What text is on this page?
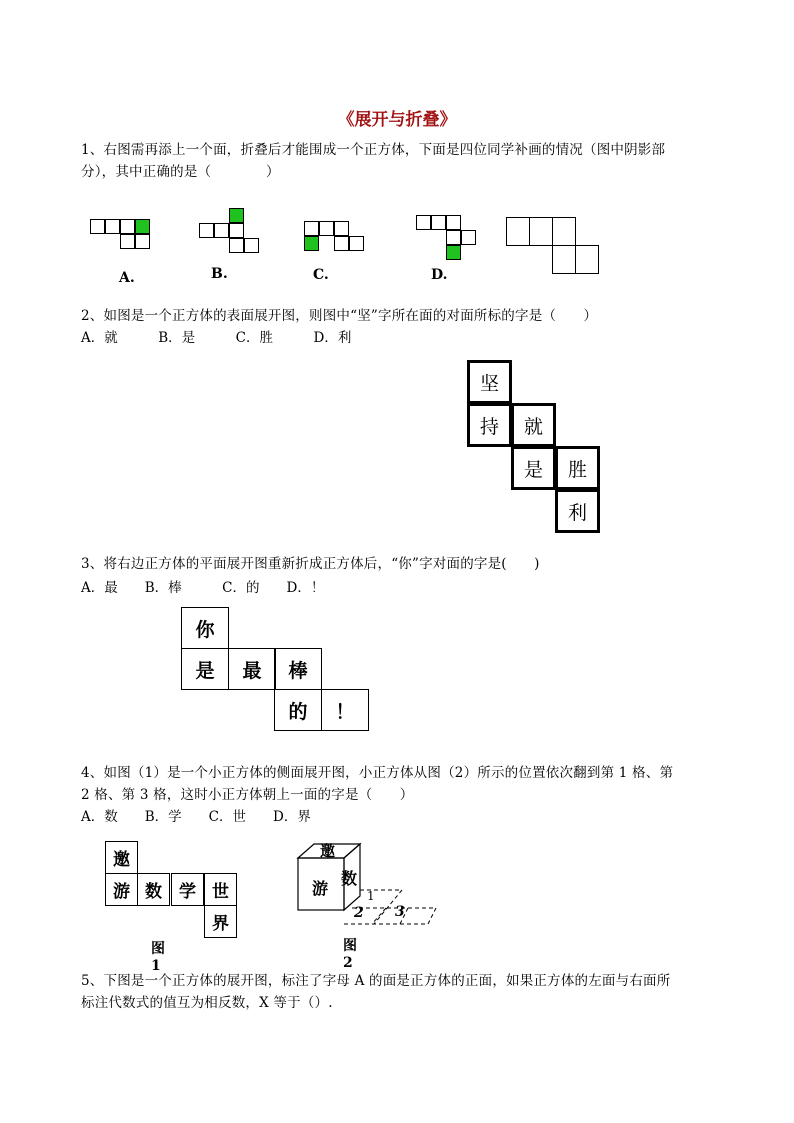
《展开与折叠》
1、右图需再添上一个面，折叠后才能围成一个正方体，下面是四位同学补画的情况（图中阴影部
分），其中正确的是（　　　　）
A.	B.	C.	D.
2、如图是一个正方体的表面展开图，则图中“坚”字所在面的对面所标的字是（　　）
A．就　　　B．是　　　C．胜　　　D．利
坚
持	就
是	胜
利
3、将右边正方体的平面展开图重新折成正方体后，“你”字对面的字是(　　)
A．最　　B．棒　　　C．的　　D．！
你
是	最	棒
的	！
4、如图（1）是一个小正方体的侧面展开图，小正方体从图（2）所示的位置依次翻到第 1 格、第
2 格、第 3 格，这时小正方体朝上一面的字是（　　）
A．数　　B．学　　C．世　　D．界
邀
游 数	学 世
界
图1
邀
游
数
1
2 3
图2
5、下图是一个正方体的展开图，标注了字母 A 的面是正方体的正面，如果正方体的左面与右面所
标注代数式的值互为相反数，X 等于（）.
